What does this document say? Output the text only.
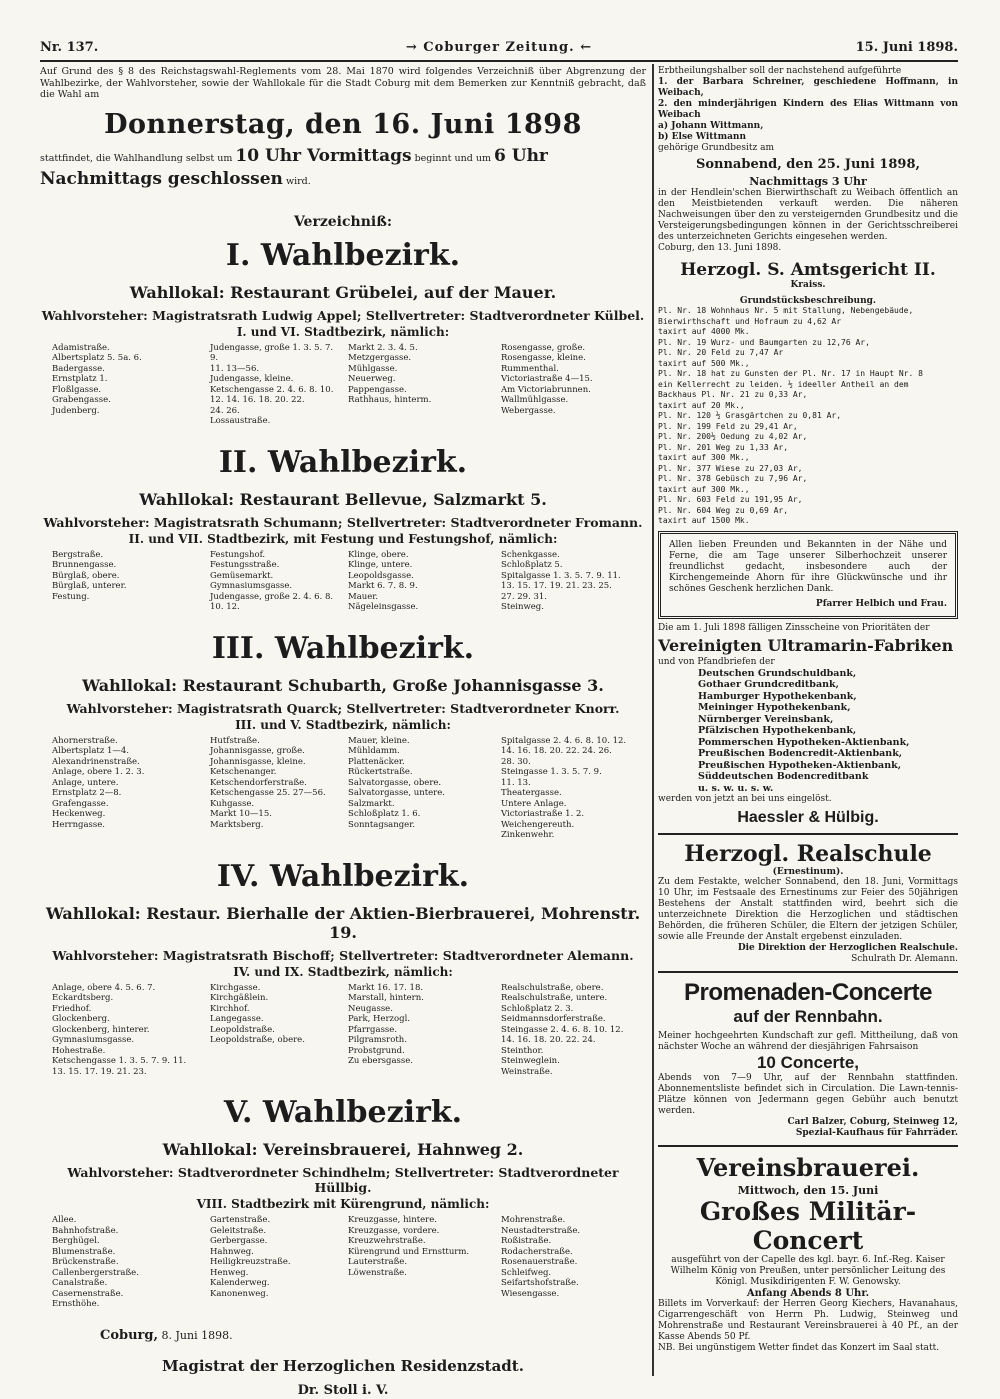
Nr. 137.	→ Coburger Zeitung. ←	15. Juni 1898.
Auf Grund des § 8 des Reichstagswahl-Reglements vom 28. Mai 1870 wird folgendes Verzeichniß über Abgrenzung der Wahlbezirke, der Wahlvorsteher, sowie der Wahllokale für die Stadt Coburg mit dem Bemerken zur Kenntniß gebracht, daß die Wahl am
Donnerstag, den 16. Juni 1898
stattfindet, die Wahlhandlung selbst um 10 Uhr Vormittags beginnt und um 6 Uhr Nachmittags geschlossen wird.
Verzeichniß:
I. Wahlbezirk.
Wahllokal: Restaurant Grübelei, auf der Mauer.
Wahlvorsteher: Magistratsrath Ludwig Appel; Stellvertreter: Stadtverordneter Külbel.
I. und VI. Stadtbezirk, nämlich:
Adamistraße.
Albertsplatz 5. 5a. 6.
Badergasse.
Ernstplatz 1.
Floßlgasse.
Grabengasse.
Judenberg.
Judengasse, große 1. 3. 5. 7. 9.
11. 13—56.
Judengasse, kleine.
Ketschengasse 2. 4. 6. 8. 10.
12. 14. 16. 18. 20. 22.
24. 26.
Lossaustraße.
Markt 2. 3. 4. 5.
Metzgergasse.
Mühlgasse.
Neuerweg.
Pappengasse.
Rathhaus, hinterm.
Rosengasse, große.
Rosengasse, kleine.
Rummenthal.
Victoriastraße 4—15.
Am Victoriabrunnen.
Wallmühlgasse.
Webergasse.
II. Wahlbezirk.
Wahllokal: Restaurant Bellevue, Salzmarkt 5.
Wahlvorsteher: Magistratsrath Schumann; Stellvertreter: Stadtverordneter Fromann.
II. und VII. Stadtbezirk, mit Festung und Festungshof, nämlich:
Bergstraße.
Brunnengasse.
Bürglaß, obere.
Bürglaß, unterer.
Festung.
Festungshof.
Festungsstraße.
Gemüsemarkt.
Gymnasiumsgasse.
Judengasse, große 2. 4. 6. 8.
10. 12.
Klinge, obere.
Klinge, untere.
Leopoldsgasse.
Markt 6. 7. 8. 9.
Mauer.
Nägeleinsgasse.
Schenkgasse.
Schloßplatz 5.
Spitalgasse 1. 3. 5. 7. 9. 11.
13. 15. 17. 19. 21. 23. 25.
27. 29. 31.
Steinweg.
III. Wahlbezirk.
Wahllokal: Restaurant Schubarth, Große Johannisgasse 3.
Wahlvorsteher: Magistratsrath Quarck; Stellvertreter: Stadtverordneter Knorr.
III. und V. Stadtbezirk, nämlich:
Ahornerstraße.
Albertsplatz 1—4.
Alexandrinenstraße.
Anlage, obere 1. 2. 3.
Anlage, untere.
Ernstplatz 2—8.
Grafengasse.
Heckenweg.
Herrngasse.
Hutfstraße.
Johannisgasse, große.
Johannisgasse, kleine.
Ketschenanger.
Ketschendorferstraße.
Ketschengasse 25. 27—56.
Kuhgasse.
Markt 10—15.
Marktsberg.
Mauer, kleine.
Mühldamm.
Plattenäcker.
Rückertstraße.
Salvatorgasse, obere.
Salvatorgasse, untere.
Salzmarkt.
Schloßplatz 1. 6.
Sonntagsanger.
Spitalgasse 2. 4. 6. 8. 10. 12.
14. 16. 18. 20. 22. 24. 26.
28. 30.
Steingasse 1. 3. 5. 7. 9.
11. 13.
Theatergasse.
Untere Anlage.
Victoriastraße 1. 2.
Weichengereuth.
Zinkenwehr.
IV. Wahlbezirk.
Wahllokal: Restaur. Bierhalle der Aktien-Bierbrauerei, Mohrenstr. 19.
Wahlvorsteher: Magistratsrath Bischoff; Stellvertreter: Stadtverordneter Alemann.
IV. und IX. Stadtbezirk, nämlich:
Anlage, obere 4. 5. 6. 7.
Eckardtsberg.
Friedhof.
Glockenberg.
Glockenberg, hinterer.
Gymnasiumsgasse.
Hohestraße.
Ketschengasse 1. 3. 5. 7. 9. 11.
13. 15. 17. 19. 21. 23.
Kirchgasse.
Kirchgäßlein.
Kirchhof.
Langegasse.
Leopoldstraße.
Leopoldstraße, obere.
Markt 16. 17. 18.
Marstall, hintern.
Neugasse.
Park, Herzogl.
Pfarrgasse.
Pilgramsroth.
Probstgrund.
Zu ebersgasse.
Realschulstraße, obere.
Realschulstraße, untere.
Schloßplatz 2. 3.
Seidmannsdorferstraße.
Steingasse 2. 4. 6. 8. 10. 12.
14. 16. 18. 20. 22. 24.
Steinthor.
Steinweglein.
Weinstraße.
V. Wahlbezirk.
Wahllokal: Vereinsbrauerei, Hahnweg 2.
Wahlvorsteher: Stadtverordneter Schindhelm; Stellvertreter: Stadtverordneter Hüllbig.
VIII. Stadtbezirk mit Kürengrund, nämlich:
Allee.
Bahnhofstraße.
Berghügel.
Blumenstraße.
Brückenstraße.
Callenbergerstraße.
Canalstraße.
Casernenstraße.
Ernsthöhe.
Gartenstraße.
Geleitstraße.
Gerbergasse.
Hahnweg.
Heiligkreuzstraße.
Henweg.
Kalenderweg.
Kanonenweg.
Kreuzgasse, hintere.
Kreuzgasse, vordere.
Kreuzwehrstraße.
Kürengrund und Ernstturm.
Lauterstraße.
Löwenstraße.
Mohrenstraße.
Neustadterstraße.
Roßistraße.
Rodacherstraße.
Rosenauerstraße.
Schleifweg.
Seifartshofstraße.
Wiesengasse.
Coburg, 8. Juni 1898.
Magistrat der Herzoglichen Residenzstadt.
Dr. Stoll i. V.
Erbtheilungshalber soll der nachstehend aufgeführte
1. der Barbara Schreiner, geschiedene Hoffmann, in Weibach,
2. den minderjährigen Kindern des Elias Wittmann von Weibach
a) Johann Wittmann,
b) Else Wittmann
gehörige Grundbesitz am
Sonnabend, den 25. Juni 1898,
Nachmittags 3 Uhr
in der Hendlein'schen Bierwirthschaft zu Weibach öffentlich an den Meistbietenden verkauft werden. Die näheren Nachweisungen über den zu versteigernden Grundbesitz und die Versteigerungsbedingungen können in der Gerichtsschreiberei des unterzeichneten Gerichts eingesehen werden.
Coburg, den 13. Juni 1898.
Herzogl. S. Amtsgericht II.
Kraiss.
Grundstücksbeschreibung.
Pl. Nr. 18 Wohnhaus Nr. 5 mit Stallung, Nebengebäude,
Bierwirthschaft und Hofraum zu 4,62 Ar
taxirt auf 4000 Mk.
Pl. Nr. 19 Wurz- und Baumgarten zu 12,76 Ar,
Pl. Nr. 20 Feld zu 7,47 Ar
taxirt auf 500 Mk.,
Pl. Nr. 18 hat zu Gunsten der Pl. Nr. 17 in Haupt Nr. 8
ein Kellerrecht zu leiden. ½ ideeller Antheil an dem
Backhaus Pl. Nr. 21 zu 0,33 Ar,
taxirt auf 20 Mk.,
Pl. Nr. 120 ½ Grasgärtchen zu 0,81 Ar,
Pl. Nr. 199 Feld zu 29,41 Ar,
Pl. Nr. 200½ Oedung zu 4,02 Ar,
Pl. Nr. 201 Weg zu 1,33 Ar,
taxirt auf 300 Mk.,
Pl. Nr. 377 Wiese zu 27,03 Ar,
Pl. Nr. 378 Gebüsch zu 7,96 Ar,
taxirt auf 300 Mk.,
Pl. Nr. 603 Feld zu 191,95 Ar,
Pl. Nr. 604 Weg zu 0,69 Ar,
taxirt auf 1500 Mk.
Allen lieben Freunden und Bekannten in der Nähe und Ferne, die am Tage unserer Silberhochzeit unserer freundlichst gedacht, insbesondere auch der Kirchengemeinde Ahorn für ihre Glückwünsche und ihr schönes Geschenk herzlichen Dank.
Pfarrer Helbich und Frau.
Die am 1. Juli 1898 fälligen Zinsscheine von Prioritäten der
Vereinigten Ultramarin-Fabriken
und von Pfandbriefen der
Deutschen Grundschuldbank,
Gothaer Grundcreditbank,
Hamburger Hypothekenbank,
Meininger Hypothekenbank,
Nürnberger Vereinsbank,
Pfälzischen Hypothekenbank,
Pommerschen Hypotheken-Aktienbank,
Preußischen Bodencredit-Aktienbank,
Preußischen Hypotheken-Aktienbank,
Süddeutschen Bodencreditbank
u. s. w. u. s. w.
werden von jetzt an bei uns eingelöst.
Haessler & Hülbig.
Herzogl. Realschule
(Ernestinum).
Zu dem Festakte, welcher Sonnabend, den 18. Juni, Vormittags 10 Uhr, im Festsaale des Ernestinums zur Feier des 50jährigen Bestehens der Anstalt stattfinden wird, beehrt sich die unterzeichnete Direktion die Herzoglichen und städtischen Behörden, die früheren Schüler, die Eltern der jetzigen Schüler, sowie alle Freunde der Anstalt ergebenst einzuladen.
Die Direktion der Herzoglichen Realschule.
Schulrath Dr. Alemann.
Promenaden-Concerte
auf der Rennbahn.
Meiner hochgeehrten Kundschaft zur gefl. Mittheilung, daß von nächster Woche an während der diesjährigen Fahrsaison
10 Concerte,
Abends von 7—9 Uhr, auf der Rennbahn stattfinden. Abonnementsliste befindet sich in Circulation. Die Lawn-tennis-Plätze können von Jedermann gegen Gebühr auch benutzt werden.
Carl Balzer, Coburg, Steinweg 12,
Spezial-Kaufhaus für Fahrräder.
Vereinsbrauerei.
Mittwoch, den 15. Juni
Großes Militär-Concert
ausgeführt von der Capelle des kgl. bayr. 6. Inf.-Reg. Kaiser Wilhelm König von Preußen, unter persönlicher Leitung des Königl. Musikdirigenten F. W. Genowsky.
Anfang Abends 8 Uhr.
Billets im Vorverkauf: der Herren Georg Kiechers, Havanahaus, Cigarrengeschäft von Herrn Ph. Ludwig, Steinweg und Mohrenstraße und Restaurant Vereinsbrauerei à 40 Pf., an der Kasse Abends 50 Pf.
NB. Bei ungünstigem Wetter findet das Konzert im Saal statt.
